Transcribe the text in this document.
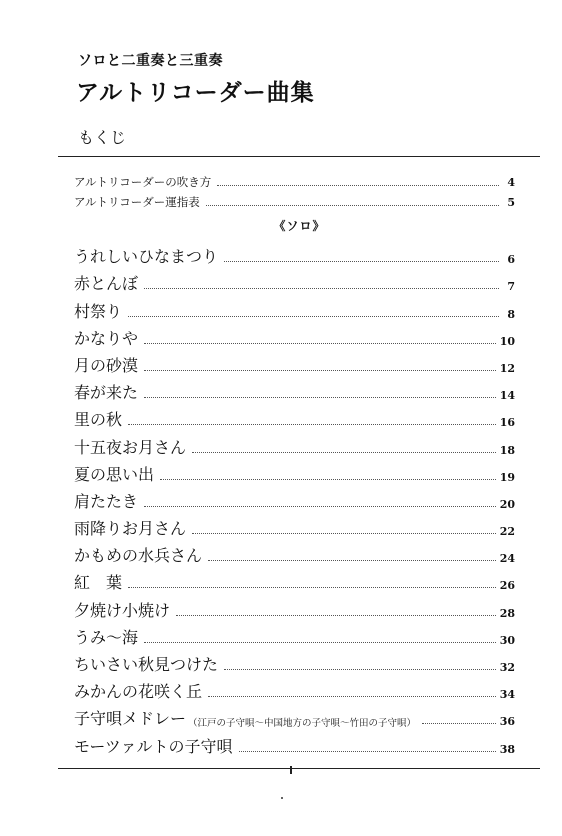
ソロと二重奏と三重奏
アルトリコーダー曲集
もくじ
アルトリコーダーの吹き方	4
アルトリコーダー運指表	5
《ソロ》
うれしいひなまつり	6
赤とんぼ	7
村祭り	8
かなりや	10
月の砂漠	12
春が来た	14
里の秋	16
十五夜お月さん	18
夏の思い出	19
肩たたき	20
雨降りお月さん	22
かもめの水兵さん	24
紅　葉	26
夕焼け小焼け	28
うみ～海	30
ちいさい秋見つけた	32
みかんの花咲く丘	34
子守唄メドレー （江戸の子守唄～中国地方の子守唄～竹田の子守唄）	36
モーツァルトの子守唄	38
